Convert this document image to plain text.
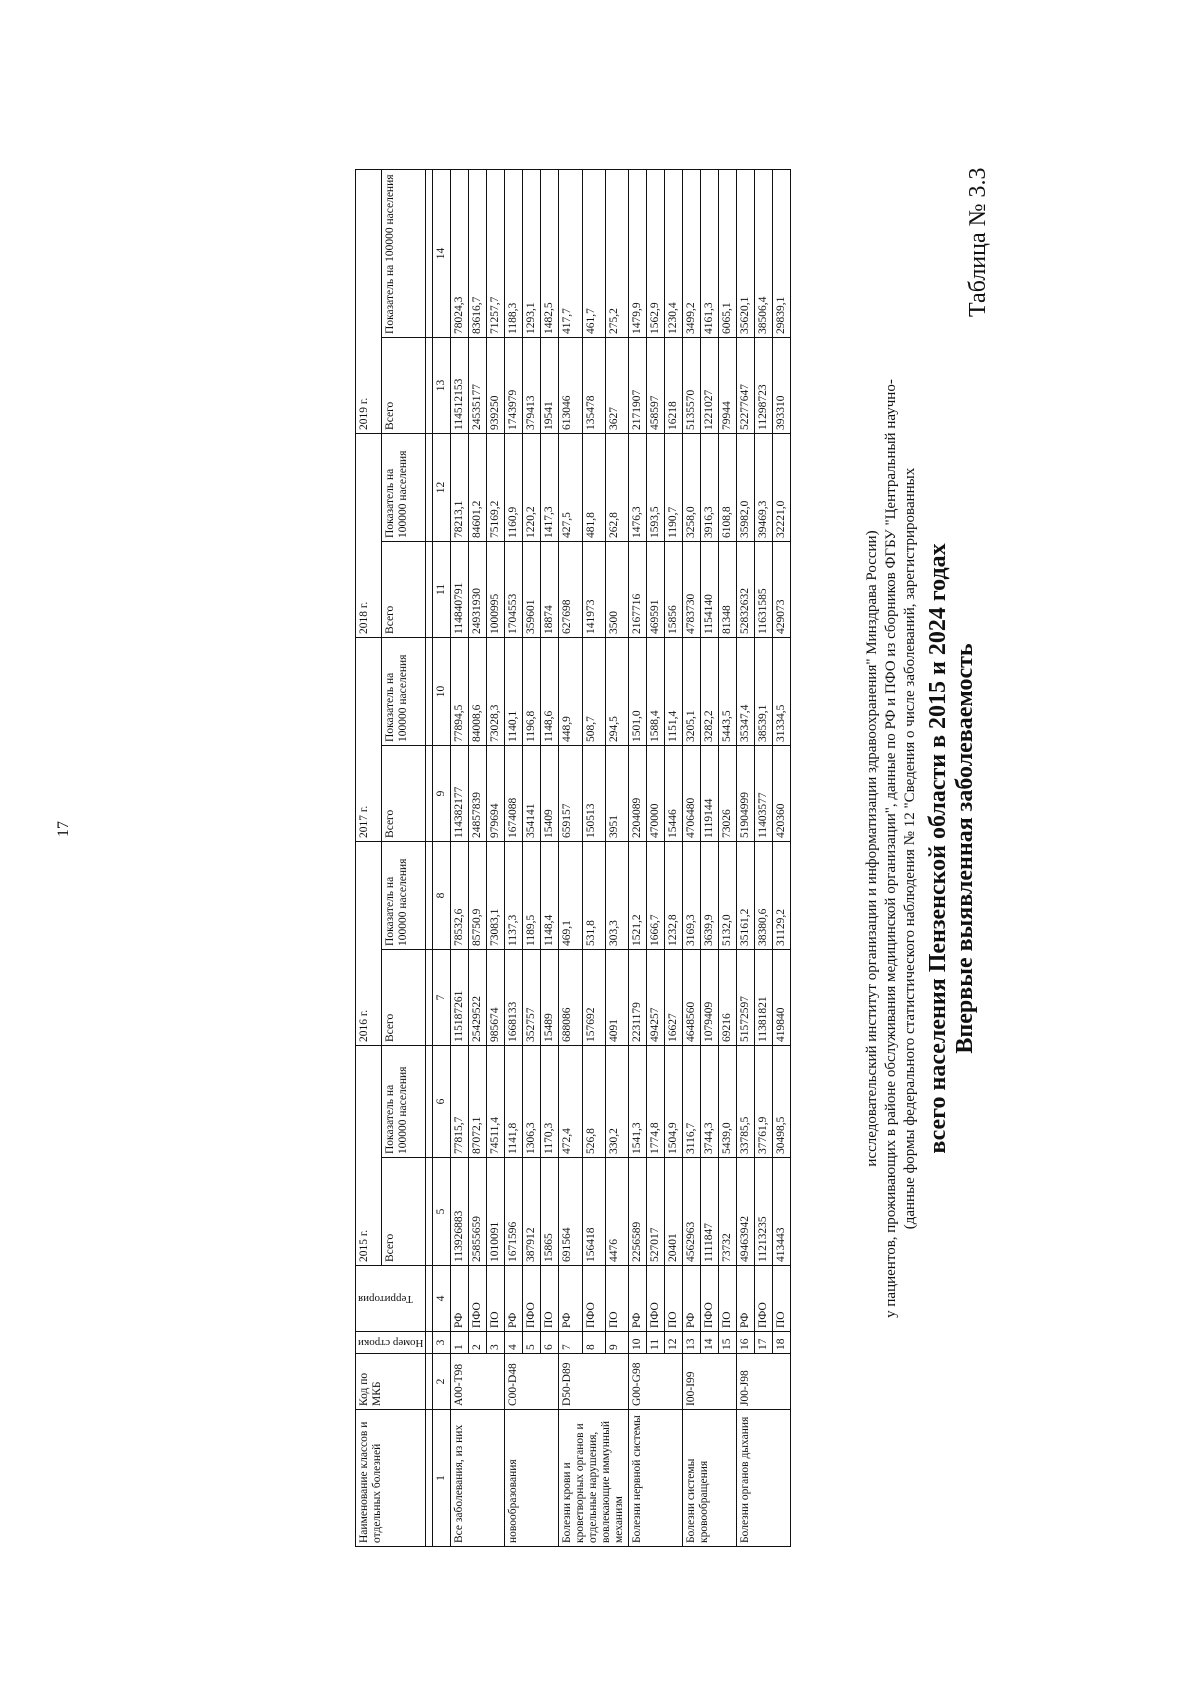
17
Таблица № 3.3
Впервые выявленная заболеваемость
всего населения Пензенской области в 2015 и 2024 годах
(данные формы федерального статистического наблюдения № 12 "Сведения о числе заболеваний, зарегистрированных
у пациентов, проживающих в районе обслуживания медицинской организации", данные по РФ и ПФО из сборников ФГБУ "Центральный научно-
исследовательский институт организации и информатизации здравоохранения" Минздрава России)
Наименование классов и отдельных болезней	Код по МКБ	Номер строки	Территория	2015 г.		2016 г.		2017 г.		2018 г.		2019 г.	
				Всего	Показатель на 100000 населения	Всего	Показатель на 100000 населения	Всего	Показатель на 100000 населения	Всего	Показатель на 100000 населения	Всего	Показатель на 100000 населения

1	2	3	4	5	6	7	8	9	10	11	12	13	14
Все заболевания, из них	А00-Т98	1	РФ	113926883	77815,7	115187261	78532,6	114382177	77894,5	114840791	78213,1	114512153	78024,3
		2	ПФО	25855659	87072,1	25429522	85750,9	24857839	84008,6	24931930	84601,2	24535177	83616,7
		3	ПО	1010091	74511,4	985674	73083,1	979694	73028,3	1000995	75169,2	939250	71257,7
новообразования	C00-D48	4	РФ	1671596	1141,8	1668133	1137,3	1674088	1140,1	1704553	1160,9	1743979	1188,3
		5	ПФО	387912	1306,3	352757	1189,5	354141	1196,8	359601	1220,2	379413	1293,1
		6	ПО	15865	1170,3	15489	1148,4	15409	1148,6	18874	1417,3	19541	1482,5
Болезни крови и кроветворных органов и отдельные нарушения, вовлекающие иммунный механизм	D50-D89	7	РФ	691564	472,4	688086	469,1	659157	448,9	627698	427,5	613046	417,7
		8	ПФО	156418	526,8	157692	531,8	150513	508,7	141973	481,8	135478	461,7
		9	ПО	4476	330,2	4091	303,3	3951	294,5	3500	262,8	3627	275,2
Болезни нервной системы	G00-G98	10	РФ	2256589	1541,3	2231179	1521,2	2204089	1501,0	2167716	1476,3	2171907	1479,9
		11	ПФО	527017	1774,8	494257	1666,7	470000	1588,4	469591	1593,5	458597	1562,9
		12	ПО	20401	1504,9	16627	1232,8	15446	1151,4	15856	1190,7	16218	1230,4
Болезни системы кровообращения	I00-I99	13	РФ	4562963	3116,7	4648560	3169,3	4706480	3205,1	4783730	3258,0	5135570	3499,2
		14	ПФО	1111847	3744,3	1079409	3639,9	1119144	3282,2	1154140	3916,3	1221027	4161,3
		15	ПО	73732	5439,0	69216	5132,0	73026	5443,5	81348	6108,8	79944	6065,1
Болезни органов дыхания	J00-J98	16	РФ	49463942	33785,5	51572597	35161,2	51904999	35347,4	52832632	35982,0	52277647	35620,1
		17	ПФО	11213235	37761,9	11381821	38380,6	11403577	38539,1	11631585	39469,3	11298723	38506,4
		18	ПО	413443	30498,5	419840	31129,2	420360	31334,5	429073	32221,0	393310	29839,1
